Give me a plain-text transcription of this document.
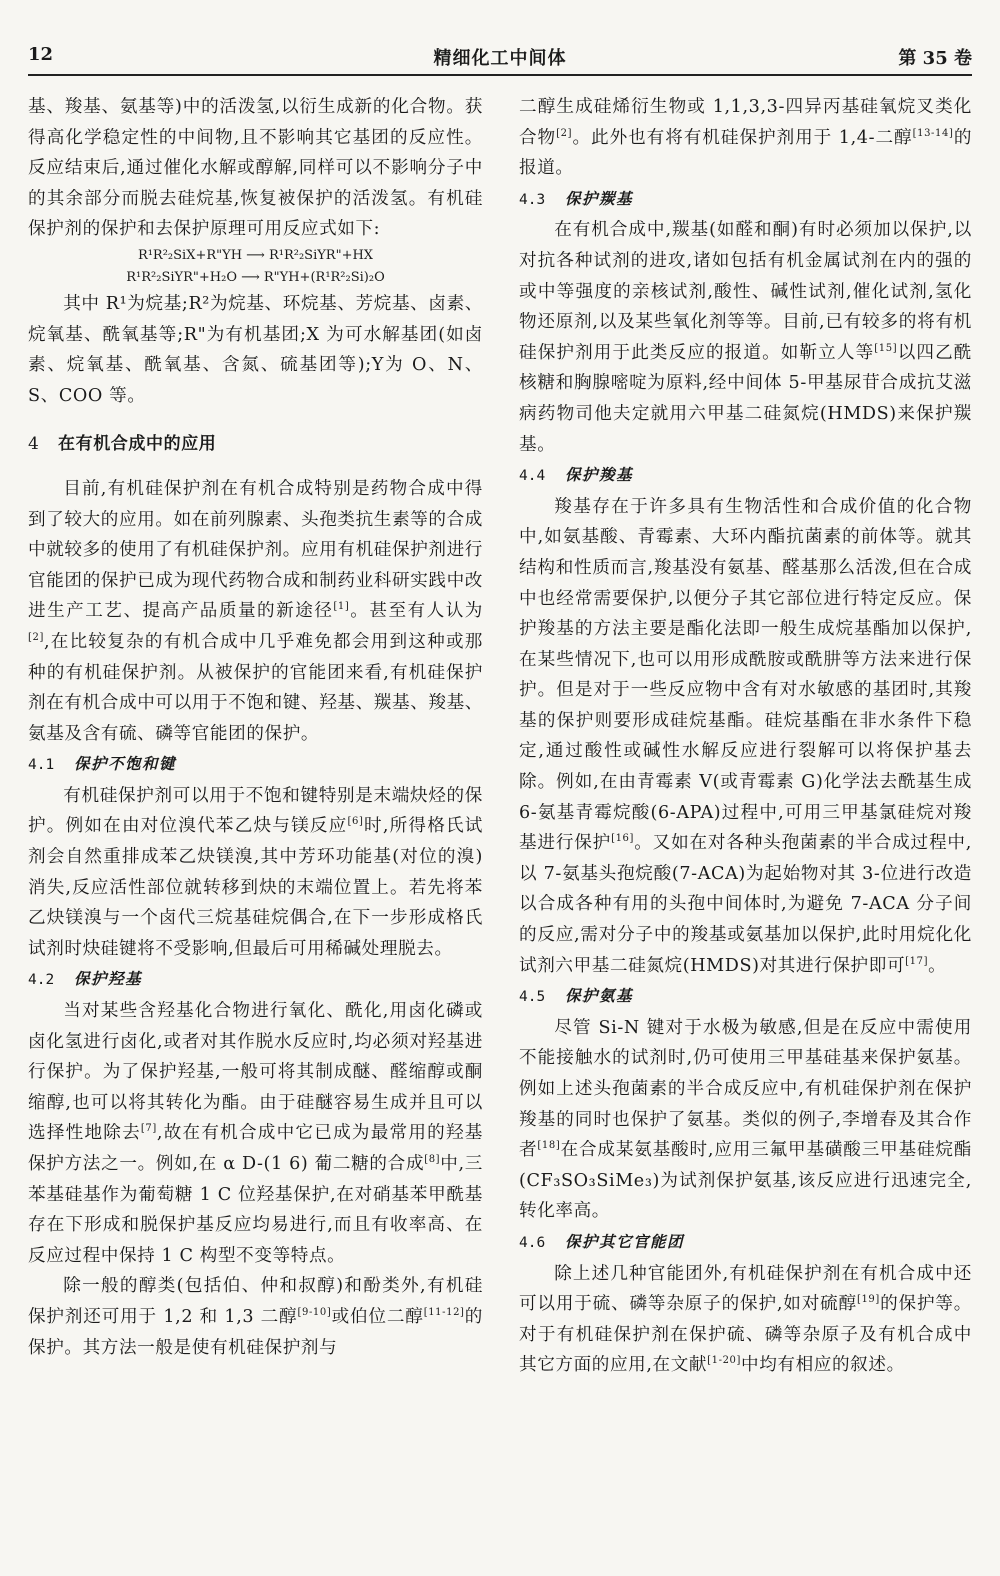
12	精细化工中间体	第 35 卷

基、羧基、氨基等)中的活泼氢,以衍生成新的化合物。获得高化学稳定性的中间物,且不影响其它基团的反应性。反应结束后,通过催化水解或醇解,同样可以不影响分子中的其余部分而脱去硅烷基,恢复被保护的活泼氢。有机硅保护剂的保护和去保护原理可用反应式如下:

R¹R²₂SiX+R"YH ⟶ R¹R²₂SiYR"+HX
R¹R²₂SiYR"+H₂O ⟶ R"YH+(R¹R²₂Si)₂O

其中 R¹为烷基;R²为烷基、环烷基、芳烷基、卤素、烷氧基、酰氧基等;R"为有机基团;X 为可水解基团(如卤素、烷氧基、酰氧基、含氮、硫基团等);Y为 O、N、S、COO 等。

4 在有机合成中的应用

目前,有机硅保护剂在有机合成特别是药物合成中得到了较大的应用。如在前列腺素、头孢类抗生素等的合成中就较多的使用了有机硅保护剂。应用有机硅保护剂进行官能团的保护已成为现代药物合成和制药业科研实践中改进生产工艺、提高产品质量的新途径[1]。甚至有人认为[2],在比较复杂的有机合成中几乎难免都会用到这种或那种的有机硅保护剂。从被保护的官能团来看,有机硅保护剂在有机合成中可以用于不饱和键、羟基、羰基、羧基、氨基及含有硫、磷等官能团的保护。

4.1 保护不饱和键

有机硅保护剂可以用于不饱和键特别是末端炔烃的保护。例如在由对位溴代苯乙炔与镁反应[6]时,所得格氏试剂会自然重排成苯乙炔镁溴,其中芳环功能基(对位的溴)消失,反应活性部位就转移到炔的末端位置上。若先将苯乙炔镁溴与一个卤代三烷基硅烷偶合,在下一步形成格氏试剂时炔硅键将不受影响,但最后可用稀碱处理脱去。

4.2 保护羟基

当对某些含羟基化合物进行氧化、酰化,用卤化磷或卤化氢进行卤化,或者对其作脱水反应时,均必须对羟基进行保护。为了保护羟基,一般可将其制成醚、醛缩醇或酮缩醇,也可以将其转化为酯。由于硅醚容易生成并且可以选择性地除去[7],故在有机合成中它已成为最常用的羟基保护方法之一。例如,在 α D-(1 6) 葡二糖的合成[8]中,三苯基硅基作为葡萄糖 1 C 位羟基保护,在对硝基苯甲酰基存在下形成和脱保护基反应均易进行,而且有收率高、在反应过程中保持 1 C 构型不变等特点。

除一般的醇类(包括伯、仲和叔醇)和酚类外,有机硅保护剂还可用于 1,2 和 1,3 二醇[9-10]或伯位二醇[11-12]的保护。其方法一般是使有机硅保护剂与

二醇生成硅烯衍生物或 1,1,3,3-四异丙基硅氧烷叉类化合物[2]。此外也有将有机硅保护剂用于 1,4-二醇[13-14]的报道。

4.3 保护羰基

在有机合成中,羰基(如醛和酮)有时必须加以保护,以对抗各种试剂的进攻,诸如包括有机金属试剂在内的强的或中等强度的亲核试剂,酸性、碱性试剂,催化试剂,氢化物还原剂,以及某些氧化剂等等。目前,已有较多的将有机硅保护剂用于此类反应的报道。如靳立人等[15]以四乙酰核糖和胸腺嘧啶为原料,经中间体 5-甲基尿苷合成抗艾滋病药物司他夫定就用六甲基二硅氮烷(HMDS)来保护羰基。

4.4 保护羧基

羧基存在于许多具有生物活性和合成价值的化合物中,如氨基酸、青霉素、大环内酯抗菌素的前体等。就其结构和性质而言,羧基没有氨基、醛基那么活泼,但在合成中也经常需要保护,以便分子其它部位进行特定反应。保护羧基的方法主要是酯化法即一般生成烷基酯加以保护,在某些情况下,也可以用形成酰胺或酰肼等方法来进行保护。但是对于一些反应物中含有对水敏感的基团时,其羧基的保护则要形成硅烷基酯。硅烷基酯在非水条件下稳定,通过酸性或碱性水解反应进行裂解可以将保护基去除。例如,在由青霉素 V(或青霉素 G)化学法去酰基生成 6-氨基青霉烷酸(6-APA)过程中,可用三甲基氯硅烷对羧基进行保护[16]。又如在对各种头孢菌素的半合成过程中,以 7-氨基头孢烷酸(7-ACA)为起始物对其 3-位进行改造以合成各种有用的头孢中间体时,为避免 7-ACA 分子间的反应,需对分子中的羧基或氨基加以保护,此时用烷化化试剂六甲基二硅氮烷(HMDS)对其进行保护即可[17]。

4.5 保护氨基

尽管 Si-N 键对于水极为敏感,但是在反应中需使用不能接触水的试剂时,仍可使用三甲基硅基来保护氨基。例如上述头孢菌素的半合成反应中,有机硅保护剂在保护羧基的同时也保护了氨基。类似的例子,李增春及其合作者[18]在合成某氨基酸时,应用三氟甲基磺酸三甲基硅烷酯(CF₃SO₃SiMe₃)为试剂保护氨基,该反应进行迅速完全,转化率高。

4.6 保护其它官能团

除上述几种官能团外,有机硅保护剂在有机合成中还可以用于硫、磷等杂原子的保护,如对硫醇[19]的保护等。对于有机硅保护剂在保护硫、磷等杂原子及有机合成中其它方面的应用,在文献[1-20]中均有相应的叙述。
